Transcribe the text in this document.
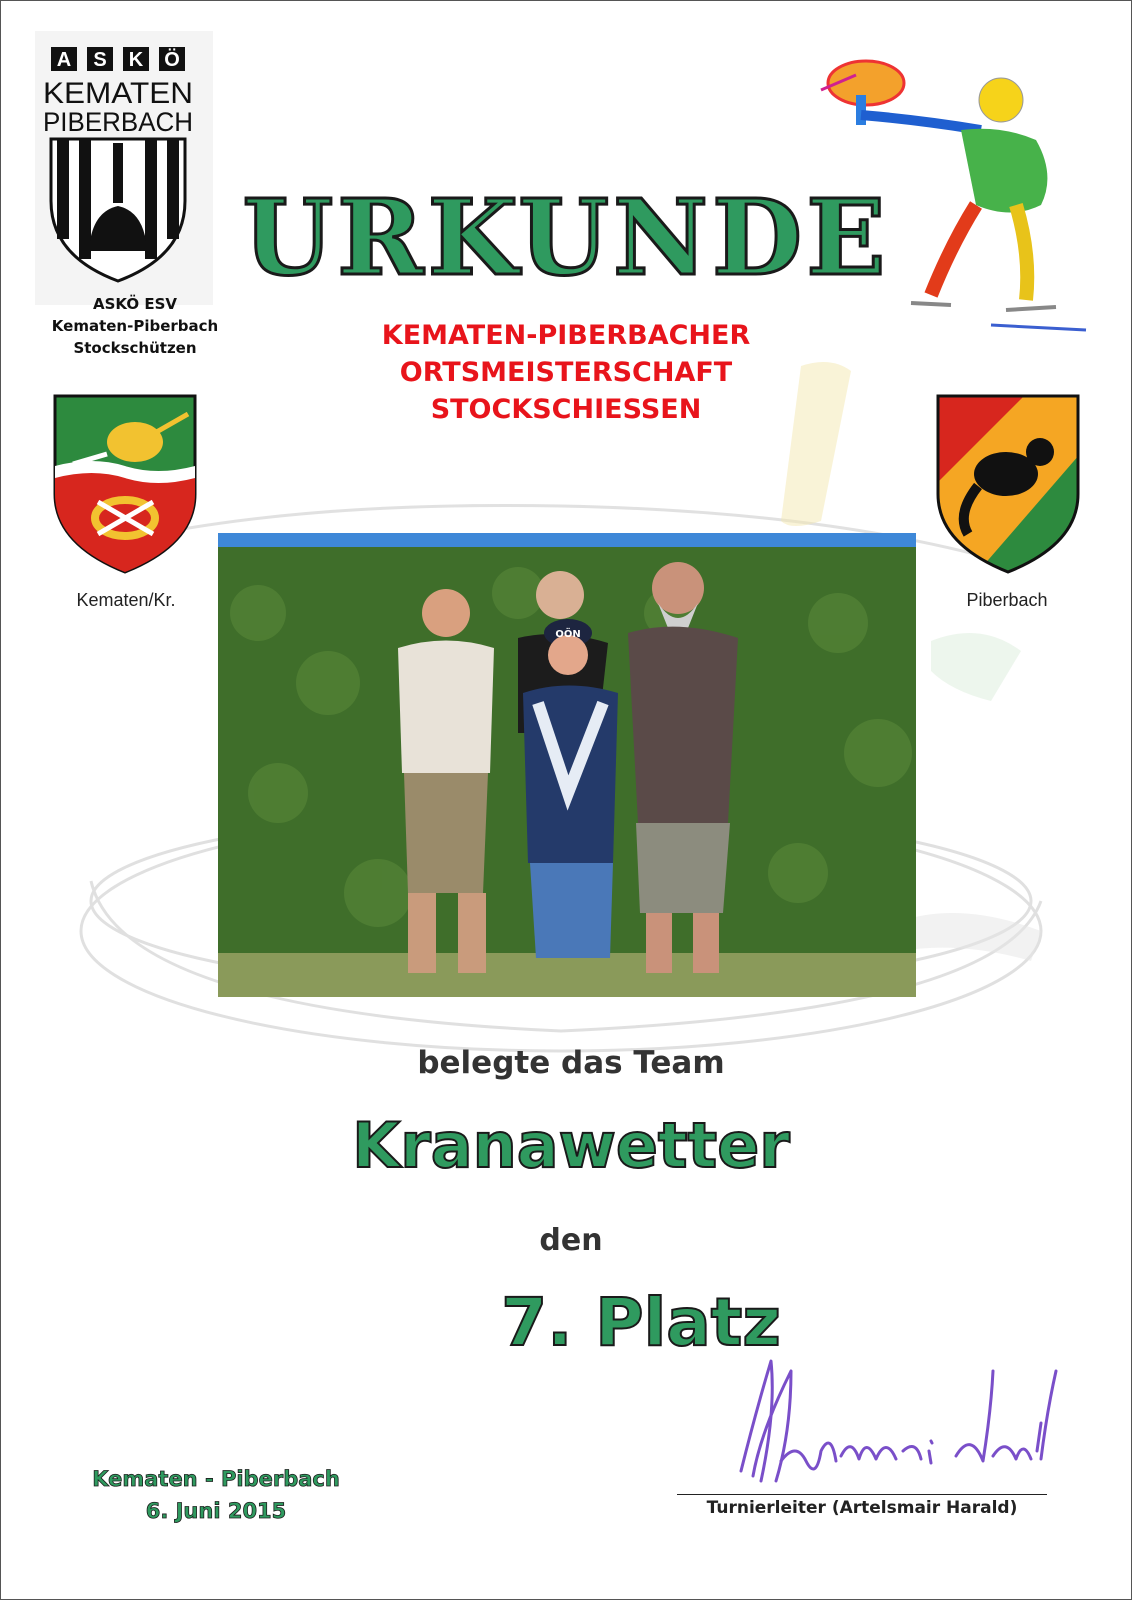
A S K Ö
KEMATEN
PIBERBACH
ASKÖ ESV
Kematen-Piberbach
Stockschützen
URKUNDE
KEMATEN-PIBERBACHER
ORTSMEISTERSCHAFT
STOCKSCHIESSEN
Kematen/Kr.	Piberbach
OÖN
belegte das Team
Kranawetter
den
7. Platz
Kematen - Piberbach
6. Juni 2015	Turnierleiter (Artelsmair Harald)
